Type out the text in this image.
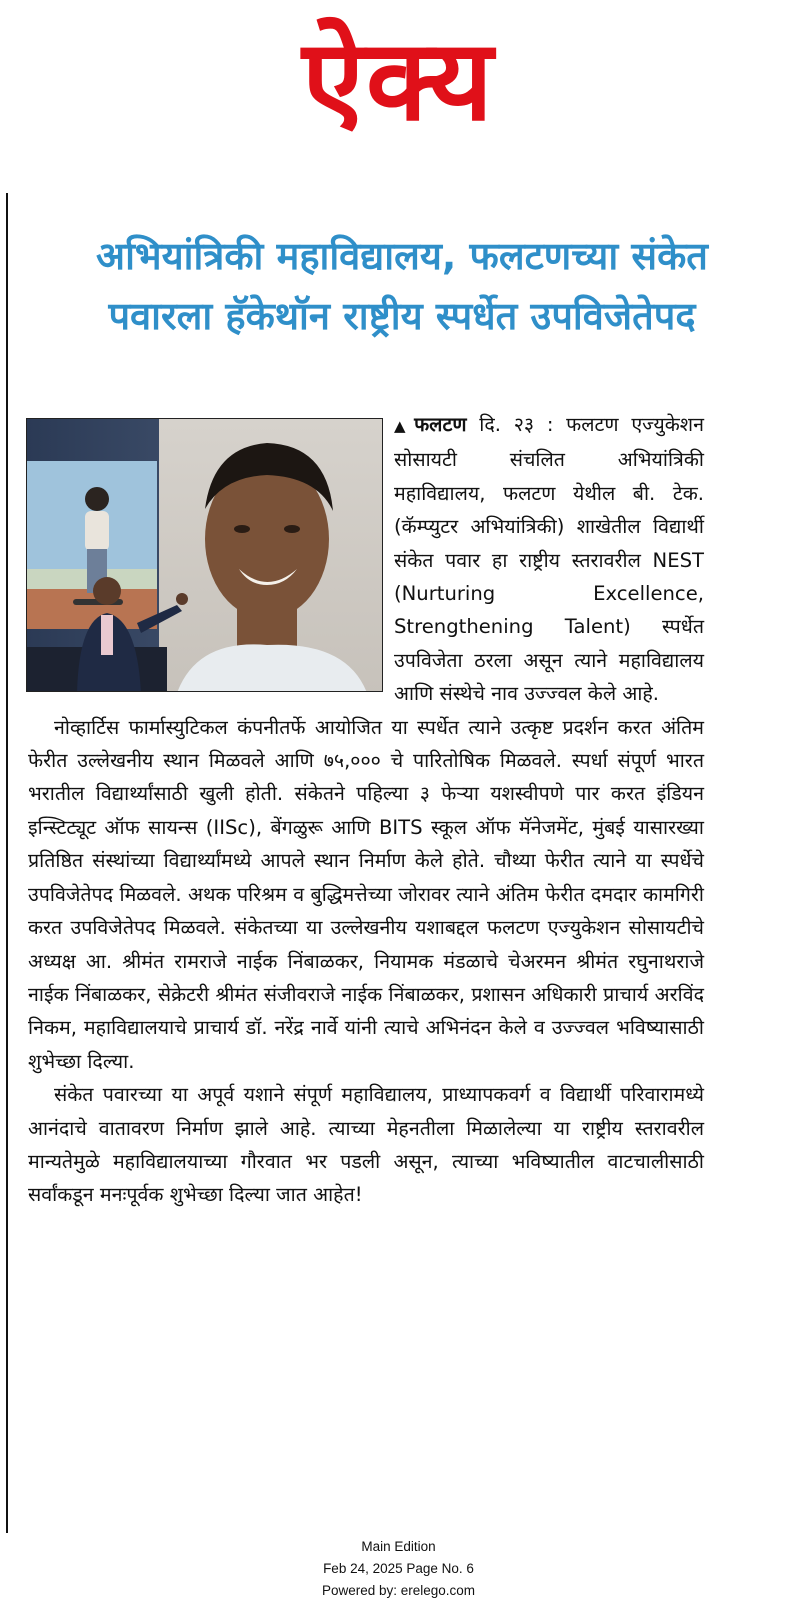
ऐक्य
अभियांत्रिकी महाविद्यालय, फलटणच्या संकेत
पवारला हॅकेथॉन राष्ट्रीय स्पर्धेत उपविजेतेपद

▲ फलटण दि. २३ : फलटण एज्युकेशन सोसायटी संचलित अभियांत्रिकी महाविद्यालय, फलटण येथील बी. टेक. (कॅम्प्युटर अभियांत्रिकी) शाखेतील विद्यार्थी संकेत पवार हा राष्ट्रीय स्तरावरील NEST (Nurturing Excellence, Strengthening Talent) स्पर्धेत उपविजेता ठरला असून त्याने महाविद्यालय आणि संस्थेचे नाव उज्ज्वल केले आहे.

नोव्हार्टिस फार्मास्युटिकल कंपनीतर्फे आयोजित या स्पर्धेत त्याने उत्कृष्ट प्रदर्शन करत अंतिम फेरीत उल्लेखनीय स्थान मिळवले आणि ७५,००० चे पारितोषिक मिळवले. स्पर्धा संपूर्ण भारत भरातील विद्यार्थ्यांसाठी खुली होती. संकेतने पहिल्या ३ फेऱ्या यशस्वीपणे पार करत इंडियन इन्स्टिट्यूट ऑफ सायन्स (IISc), बेंगळुरू आणि BITS स्कूल ऑफ मॅनेजमेंट, मुंबई यासारख्या प्रतिष्ठित संस्थांच्या विद्यार्थ्यांमध्ये आपले स्थान निर्माण केले होते. चौथ्या फेरीत त्याने या स्पर्धेचे उपविजेतेपद मिळवले. अथक परिश्रम व बुद्धिमत्तेच्या जोरावर त्याने अंतिम फेरीत दमदार कामगिरी करत उपविजेतेपद मिळवले. संकेतच्या या उल्लेखनीय यशाबद्दल फलटण एज्युकेशन सोसायटीचे अध्यक्ष आ. श्रीमंत रामराजे नाईक निंबाळकर, नियामक मंडळाचे चेअरमन श्रीमंत रघुनाथराजे नाईक निंबाळकर, सेक्रेटरी श्रीमंत संजीवराजे नाईक निंबाळकर, प्रशासन अधिकारी प्राचार्य अरविंद निकम, महाविद्यालयाचे प्राचार्य डॉ. नरेंद्र नार्वे यांनी त्याचे अभिनंदन केले व उज्ज्वल भविष्यासाठी शुभेच्छा दिल्या.

संकेत पवारच्या या अपूर्व यशाने संपूर्ण महाविद्यालय, प्राध्यापकवर्ग व विद्यार्थी परिवारामध्ये आनंदाचे वातावरण निर्माण झाले आहे. त्याच्या मेहनतीला मिळालेल्या या राष्ट्रीय स्तरावरील मान्यतेमुळे महाविद्यालयाच्या गौरवात भर पडली असून, त्याच्या भविष्यातील वाटचालीसाठी सर्वांकडून मनःपूर्वक शुभेच्छा दिल्या जात आहेत!

Main Edition
Feb 24, 2025 Page No. 6
Powered by: erelego.com
